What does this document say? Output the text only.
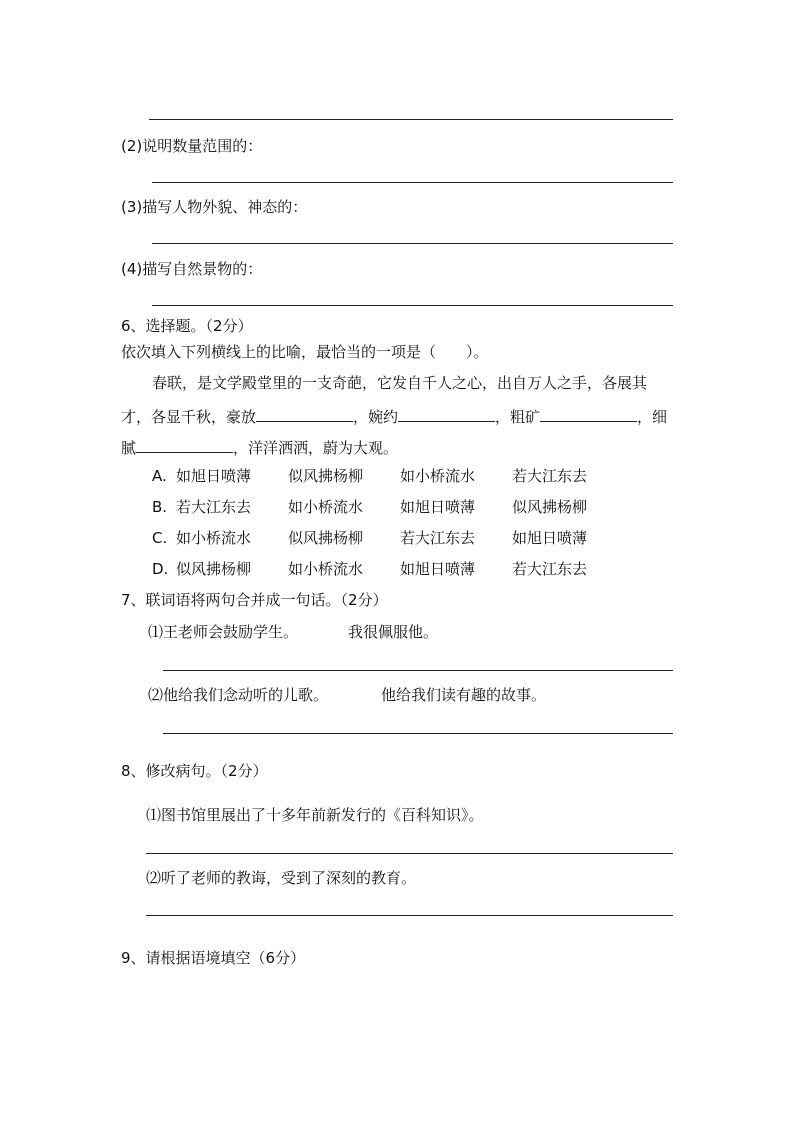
(2)说明数量范围的：
(3)描写人物外貌、神态的：
(4)描写自然景物的：
6、选择题。（2分）
依次填入下列横线上的比喻，最恰当的一项是（　　）。
春联，是文学殿堂里的一支奇葩，它发自千人之心，出自万人之手，各展其
才，各显千秋，豪放	，婉约	，粗矿	，细
腻	，洋洋洒洒，蔚为大观。
A. 如旭日喷薄 似风拂杨柳 如小桥流水 若大江东去
B. 若大江东去 如小桥流水 如旭日喷薄 似风拂杨柳
C. 如小桥流水 似风拂杨柳 若大江东去 如旭日喷薄
D. 似风拂杨柳 如小桥流水 如旭日喷薄 若大江东去
7、联词语将两句合并成一句话。（2分）
⑴王老师会鼓励学生。	我很佩服他。
⑵他给我们念动听的儿歌。	他给我们读有趣的故事。
8、修改病句。（2分）
⑴图书馆里展出了十多年前新发行的《百科知识》。
⑵听了老师的教诲，受到了深刻的教育。
9、请根据语境填空（6分）
